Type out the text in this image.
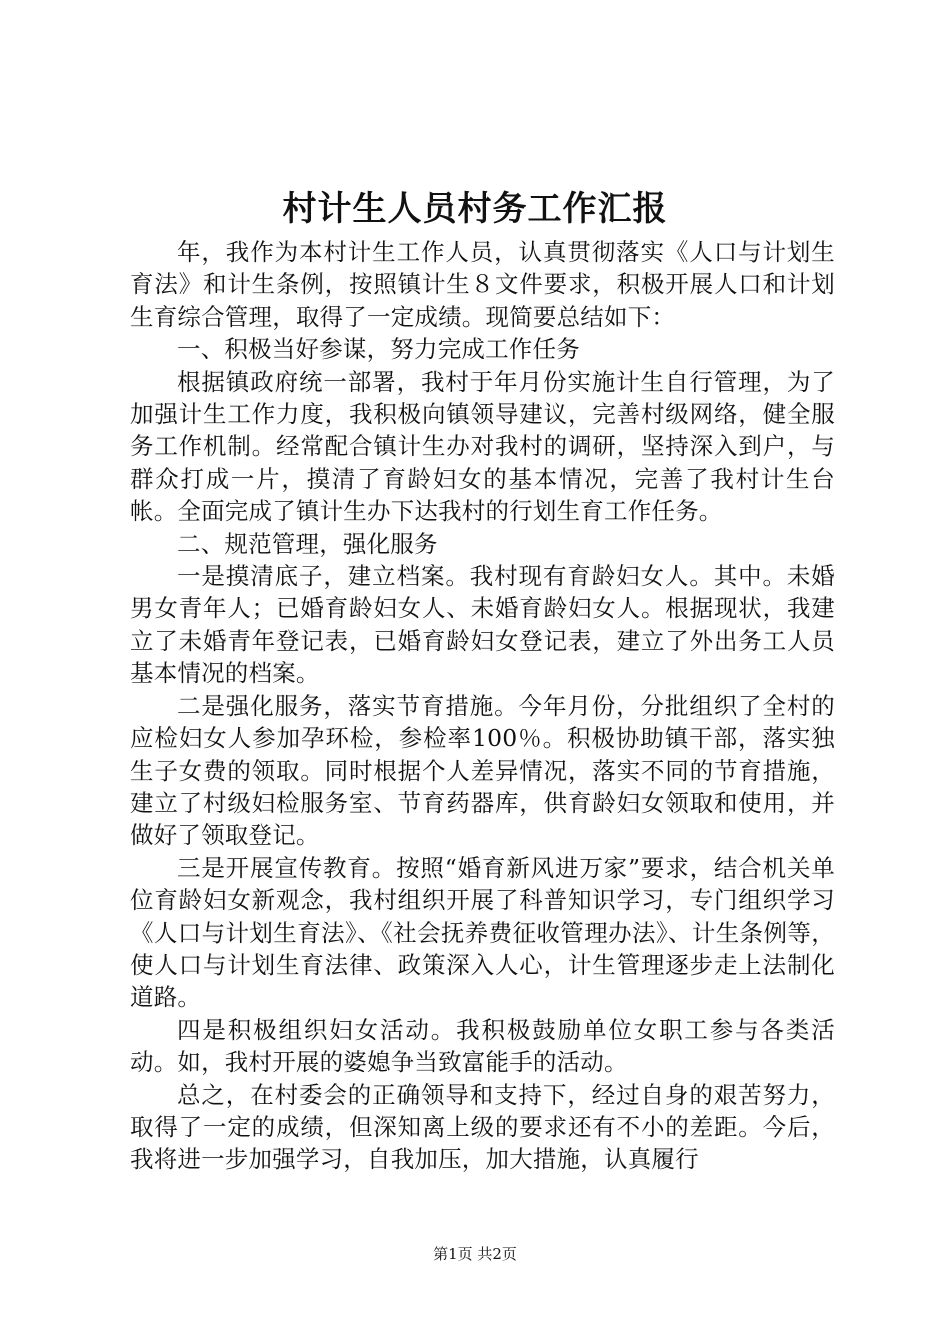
村计生人员村务工作汇报

年，我作为本村计生工作人员，认真贯彻落实《人口与计划生育法》和计生条例，按照镇计生８文件要求，积极开展人口和计划生育综合管理，取得了一定成绩。现简要总结如下：

一、积极当好参谋，努力完成工作任务

根据镇政府统一部署，我村于年月份实施计生自行管理，为了加强计生工作力度，我积极向镇领导建议，完善村级网络，健全服务工作机制。经常配合镇计生办对我村的调研，坚持深入到户，与群众打成一片，摸清了育龄妇女的基本情况，完善了我村计生台帐。全面完成了镇计生办下达我村的行划生育工作任务。

二、规范管理，强化服务

一是摸清底子，建立档案。我村现有育龄妇女人。其中。未婚男女青年人；已婚育龄妇女人、未婚育龄妇女人。根据现状，我建立了未婚青年登记表，已婚育龄妇女登记表，建立了外出务工人员基本情况的档案。

二是强化服务，落实节育措施。今年月份，分批组织了全村的应检妇女人参加孕环检，参检率100％。积极协助镇干部，落实独生子女费的领取。同时根据个人差异情况，落实不同的节育措施，建立了村级妇检服务室、节育药器库，供育龄妇女领取和使用，并做好了领取登记。

三是开展宣传教育。按照“婚育新风进万家”要求，结合机关单位育龄妇女新观念，我村组织开展了科普知识学习，专门组织学习《人口与计划生育法》、《社会抚养费征收管理办法》、计生条例等，使人口与计划生育法律、政策深入人心，计生管理逐步走上法制化道路。

四是积极组织妇女活动。我积极鼓励单位女职工参与各类活动。如，我村开展的婆媳争当致富能手的活动。

总之，在村委会的正确领导和支持下，经过自身的艰苦努力，取得了一定的成绩，但深知离上级的要求还有不小的差距。今后，我将进一步加强学习，自我加压，加大措施，认真履行

第1页 共2页
